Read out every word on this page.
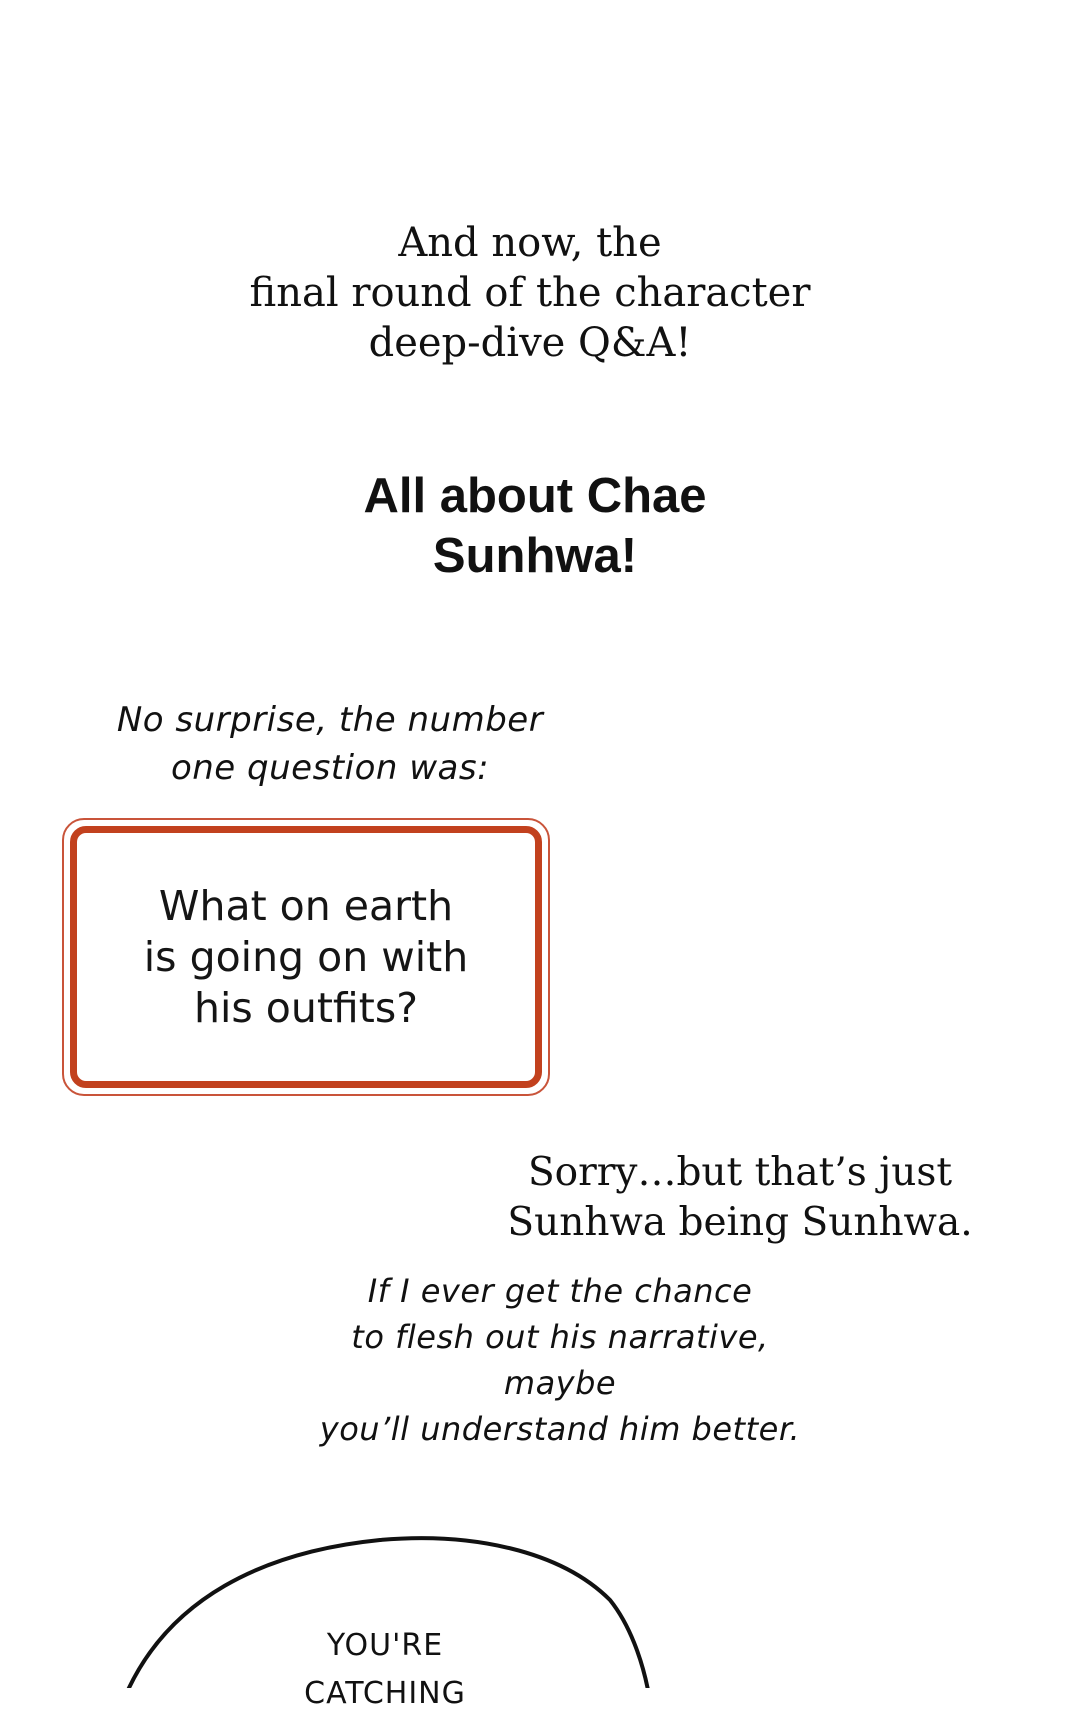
And now, the
final round of the character
deep-dive Q&A!
All about Chae
Sunhwa!
No surprise, the number
one question was:
What on earth
is going on with
his outfits?
Sorry…but that’s just
Sunhwa being Sunhwa.
If I ever get the chance
to flesh out his narrative, maybe
you’ll understand him better.
YOU'RE
CATCHING
